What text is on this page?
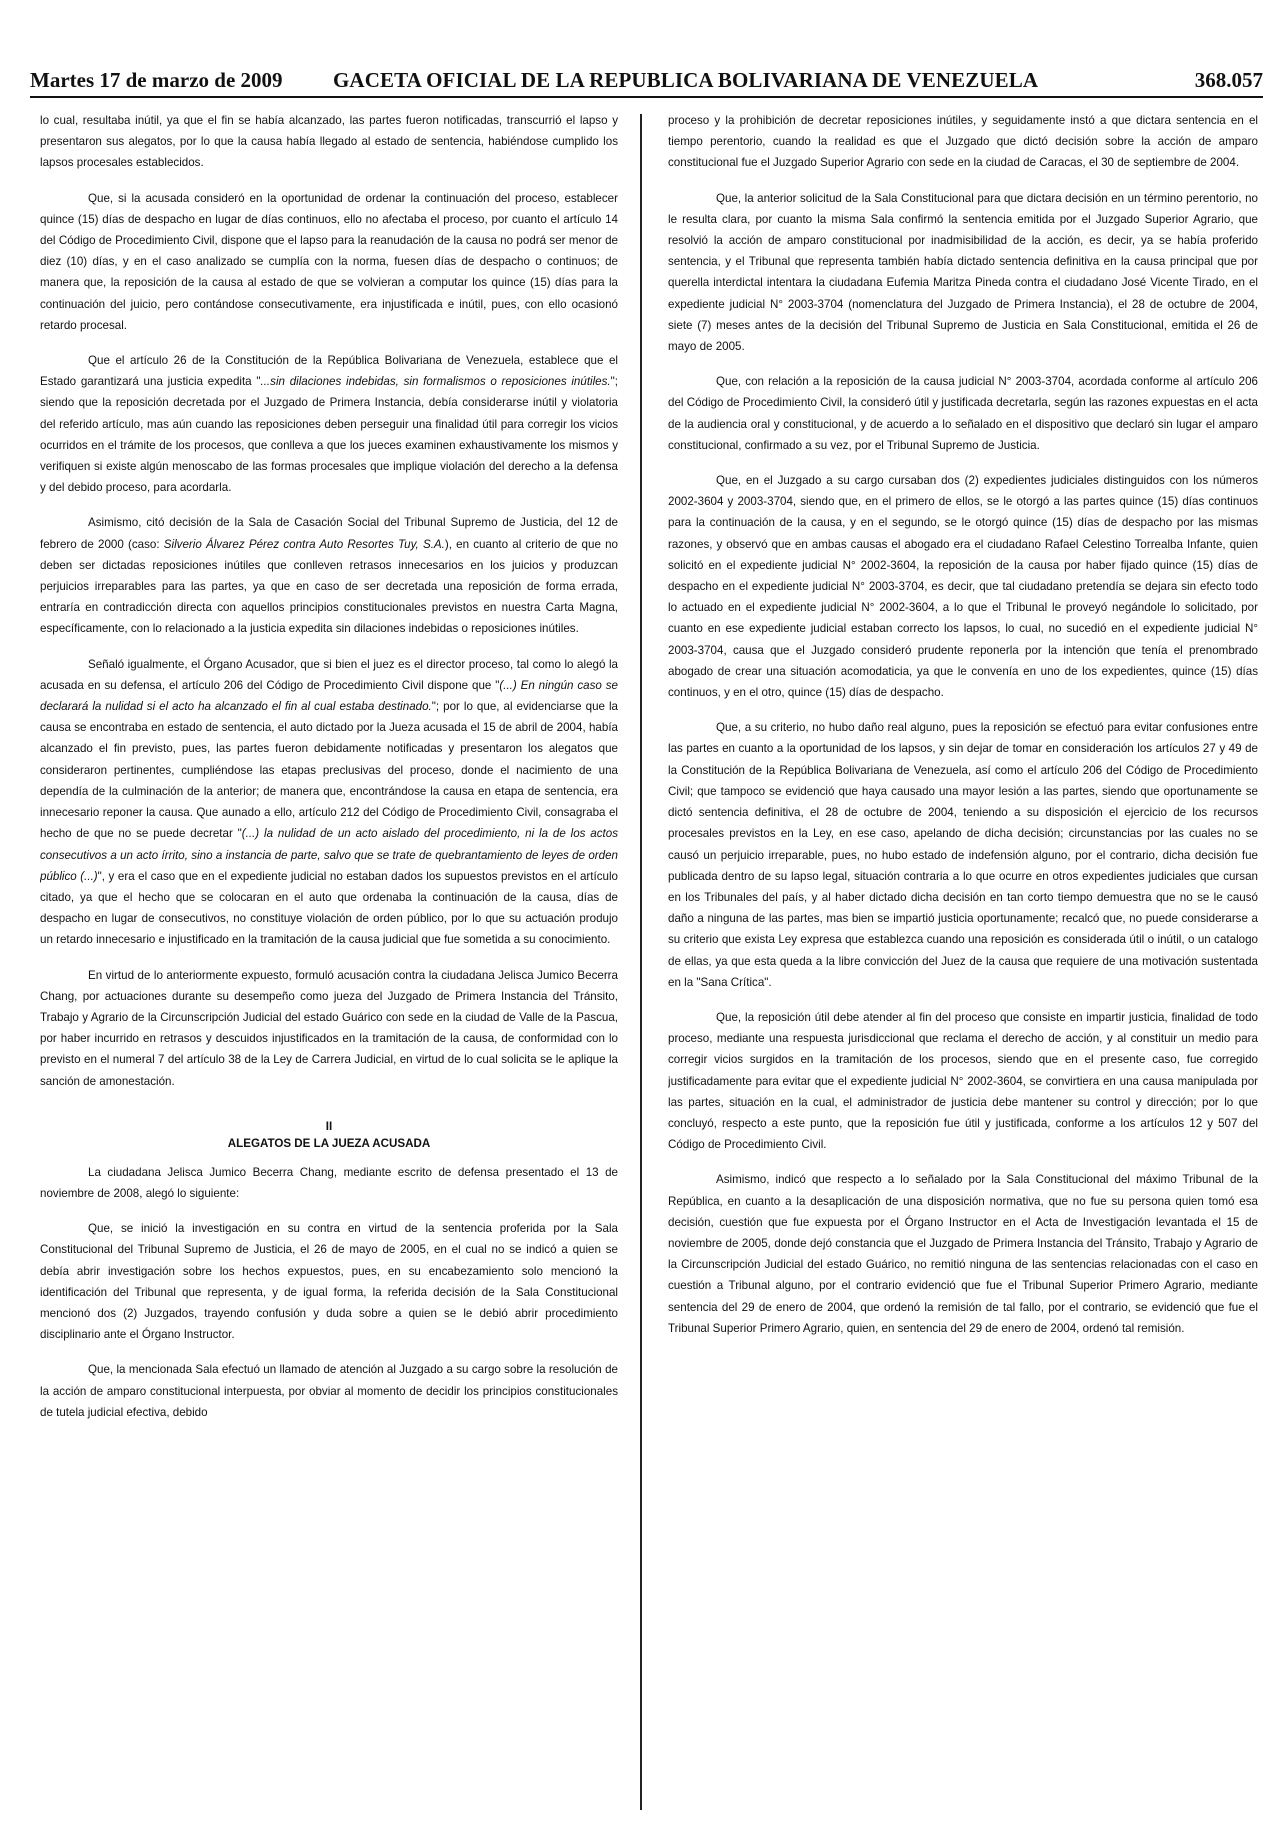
Martes 17 de marzo de 2009 GACETA OFICIAL DE LA REPUBLICA BOLIVARIANA DE VENEZUELA	368.057

lo cual, resultaba inútil, ya que el fin se había alcanzado, las partes fueron notificadas, transcurrió el lapso y presentaron sus alegatos, por lo que la causa había llegado al estado de sentencia, habiéndose cumplido los lapsos procesales establecidos.

Que, si la acusada consideró en la oportunidad de ordenar la continuación del proceso, establecer quince (15) días de despacho en lugar de días continuos, ello no afectaba el proceso, por cuanto el artículo 14 del Código de Procedimiento Civil, dispone que el lapso para la reanudación de la causa no podrá ser menor de diez (10) días, y en el caso analizado se cumplía con la norma, fuesen días de despacho o continuos; de manera que, la reposición de la causa al estado de que se volvieran a computar los quince (15) días para la continuación del juicio, pero contándose consecutivamente, era injustificada e inútil, pues, con ello ocasionó retardo procesal.

Que el artículo 26 de la Constitución de la República Bolivariana de Venezuela, establece que el Estado garantizará una justicia expedita "...sin dilaciones indebidas, sin formalismos o reposiciones inútiles."; siendo que la reposición decretada por el Juzgado de Primera Instancia, debía considerarse inútil y violatoria del referido artículo, mas aún cuando las reposiciones deben perseguir una finalidad útil para corregir los vicios ocurridos en el trámite de los procesos, que conlleva a que los jueces examinen exhaustivamente los mismos y verifiquen si existe algún menoscabo de las formas procesales que implique violación del derecho a la defensa y del debido proceso, para acordarla.

Asimismo, citó decisión de la Sala de Casación Social del Tribunal Supremo de Justicia, del 12 de febrero de 2000 (caso: Silverio Álvarez Pérez contra Auto Resortes Tuy, S.A.), en cuanto al criterio de que no deben ser dictadas reposiciones inútiles que conlleven retrasos innecesarios en los juicios y produzcan perjuicios irreparables para las partes, ya que en caso de ser decretada una reposición de forma errada, entraría en contradicción directa con aquellos principios constitucionales previstos en nuestra Carta Magna, específicamente, con lo relacionado a la justicia expedita sin dilaciones indebidas o reposiciones inútiles.

Señaló igualmente, el Órgano Acusador, que si bien el juez es el director proceso, tal como lo alegó la acusada en su defensa, el artículo 206 del Código de Procedimiento Civil dispone que "(...) En ningún caso se declarará la nulidad si el acto ha alcanzado el fin al cual estaba destinado."; por lo que, al evidenciarse que la causa se encontraba en estado de sentencia, el auto dictado por la Jueza acusada el 15 de abril de 2004, había alcanzado el fin previsto, pues, las partes fueron debidamente notificadas y presentaron los alegatos que consideraron pertinentes, cumpliéndose las etapas preclusivas del proceso, donde el nacimiento de una dependía de la culminación de la anterior; de manera que, encontrándose la causa en etapa de sentencia, era innecesario reponer la causa. Que aunado a ello, artículo 212 del Código de Procedimiento Civil, consagraba el hecho de que no se puede decretar "(...) la nulidad de un acto aislado del procedimiento, ni la de los actos consecutivos a un acto írrito, sino a instancia de parte, salvo que se trate de quebrantamiento de leyes de orden público (...)", y era el caso que en el expediente judicial no estaban dados los supuestos previstos en el artículo citado, ya que el hecho que se colocaran en el auto que ordenaba la continuación de la causa, días de despacho en lugar de consecutivos, no constituye violación de orden público, por lo que su actuación produjo un retardo innecesario e injustificado en la tramitación de la causa judicial que fue sometida a su conocimiento.

En virtud de lo anteriormente expuesto, formuló acusación contra la ciudadana Jelisca Jumico Becerra Chang, por actuaciones durante su desempeño como jueza del Juzgado de Primera Instancia del Tránsito, Trabajo y Agrario de la Circunscripción Judicial del estado Guárico con sede en la ciudad de Valle de la Pascua, por haber incurrido en retrasos y descuidos injustificados en la tramitación de la causa, de conformidad con lo previsto en el numeral 7 del artículo 38 de la Ley de Carrera Judicial, en virtud de lo cual solicita se le aplique la sanción de amonestación.

II
ALEGATOS DE LA JUEZA ACUSADA

La ciudadana Jelisca Jumico Becerra Chang, mediante escrito de defensa presentado el 13 de noviembre de 2008, alegó lo siguiente:

Que, se inició la investigación en su contra en virtud de la sentencia proferida por la Sala Constitucional del Tribunal Supremo de Justicia, el 26 de mayo de 2005, en el cual no se indicó a quien se debía abrir investigación sobre los hechos expuestos, pues, en su encabezamiento solo mencionó la identificación del Tribunal que representa, y de igual forma, la referida decisión de la Sala Constitucional mencionó dos (2) Juzgados, trayendo confusión y duda sobre a quien se le debió abrir procedimiento disciplinario ante el Órgano Instructor.

Que, la mencionada Sala efectuó un llamado de atención al Juzgado a su cargo sobre la resolución de la acción de amparo constitucional interpuesta, por obviar al momento de decidir los principios constitucionales de tutela judicial efectiva, debido

proceso y la prohibición de decretar reposiciones inútiles, y seguidamente instó a que dictara sentencia en el tiempo perentorio, cuando la realidad es que el Juzgado que dictó decisión sobre la acción de amparo constitucional fue el Juzgado Superior Agrario con sede en la ciudad de Caracas, el 30 de septiembre de 2004.

Que, la anterior solicitud de la Sala Constitucional para que dictara decisión en un término perentorio, no le resulta clara, por cuanto la misma Sala confirmó la sentencia emitida por el Juzgado Superior Agrario, que resolvió la acción de amparo constitucional por inadmisibilidad de la acción, es decir, ya se había proferido sentencia, y el Tribunal que representa también había dictado sentencia definitiva en la causa principal que por querella interdictal intentara la ciudadana Eufemia Maritza Pineda contra el ciudadano José Vicente Tirado, en el expediente judicial N° 2003-3704 (nomenclatura del Juzgado de Primera Instancia), el 28 de octubre de 2004, siete (7) meses antes de la decisión del Tribunal Supremo de Justicia en Sala Constitucional, emitida el 26 de mayo de 2005.

Que, con relación a la reposición de la causa judicial N° 2003-3704, acordada conforme al artículo 206 del Código de Procedimiento Civil, la consideró útil y justificada decretarla, según las razones expuestas en el acta de la audiencia oral y constitucional, y de acuerdo a lo señalado en el dispositivo que declaró sin lugar el amparo constitucional, confirmado a su vez, por el Tribunal Supremo de Justicia.

Que, en el Juzgado a su cargo cursaban dos (2) expedientes judiciales distinguidos con los números 2002-3604 y 2003-3704, siendo que, en el primero de ellos, se le otorgó a las partes quince (15) días continuos para la continuación de la causa, y en el segundo, se le otorgó quince (15) días de despacho por las mismas razones, y observó que en ambas causas el abogado era el ciudadano Rafael Celestino Torrealba Infante, quien solicitó en el expediente judicial N° 2002-3604, la reposición de la causa por haber fijado quince (15) días de despacho en el expediente judicial N° 2003-3704, es decir, que tal ciudadano pretendía se dejara sin efecto todo lo actuado en el expediente judicial N° 2002-3604, a lo que el Tribunal le proveyó negándole lo solicitado, por cuanto en ese expediente judicial estaban correcto los lapsos, lo cual, no sucedió en el expediente judicial N° 2003-3704, causa que el Juzgado consideró prudente reponerla por la intención que tenía el prenombrado abogado de crear una situación acomodaticia, ya que le convenía en uno de los expedientes, quince (15) días continuos, y en el otro, quince (15) días de despacho.

Que, a su criterio, no hubo daño real alguno, pues la reposición se efectuó para evitar confusiones entre las partes en cuanto a la oportunidad de los lapsos, y sin dejar de tomar en consideración los artículos 27 y 49 de la Constitución de la República Bolivariana de Venezuela, así como el artículo 206 del Código de Procedimiento Civil; que tampoco se evidenció que haya causado una mayor lesión a las partes, siendo que oportunamente se dictó sentencia definitiva, el 28 de octubre de 2004, teniendo a su disposición el ejercicio de los recursos procesales previstos en la Ley, en ese caso, apelando de dicha decisión; circunstancias por las cuales no se causó un perjuicio irreparable, pues, no hubo estado de indefensión alguno, por el contrario, dicha decisión fue publicada dentro de su lapso legal, situación contraria a lo que ocurre en otros expedientes judiciales que cursan en los Tribunales del país, y al haber dictado dicha decisión en tan corto tiempo demuestra que no se le causó daño a ninguna de las partes, mas bien se impartió justicia oportunamente; recalcó que, no puede considerarse a su criterio que exista Ley expresa que establezca cuando una reposición es considerada útil o inútil, o un catalogo de ellas, ya que esta queda a la libre convicción del Juez de la causa que requiere de una motivación sustentada en la "Sana Crítica".

Que, la reposición útil debe atender al fin del proceso que consiste en impartir justicia, finalidad de todo proceso, mediante una respuesta jurisdiccional que reclama el derecho de acción, y al constituir un medio para corregir vicios surgidos en la tramitación de los procesos, siendo que en el presente caso, fue corregido justificadamente para evitar que el expediente judicial N° 2002-3604, se convirtiera en una causa manipulada por las partes, situación en la cual, el administrador de justicia debe mantener su control y dirección; por lo que concluyó, respecto a este punto, que la reposición fue útil y justificada, conforme a los artículos 12 y 507 del Código de Procedimiento Civil.

Asimismo, indicó que respecto a lo señalado por la Sala Constitucional del máximo Tribunal de la República, en cuanto a la desaplicación de una disposición normativa, que no fue su persona quien tomó esa decisión, cuestión que fue expuesta por el Órgano Instructor en el Acta de Investigación levantada el 15 de noviembre de 2005, donde dejó constancia que el Juzgado de Primera Instancia del Tránsito, Trabajo y Agrario de la Circunscripción Judicial del estado Guárico, no remitió ninguna de las sentencias relacionadas con el caso en cuestión a Tribunal alguno, por el contrario evidenció que fue el Tribunal Superior Primero Agrario, mediante sentencia del 29 de enero de 2004, que ordenó la remisión de tal fallo, por el contrario, se evidenció que fue el Tribunal Superior Primero Agrario, quien, en sentencia del 29 de enero de 2004, ordenó tal remisión.
